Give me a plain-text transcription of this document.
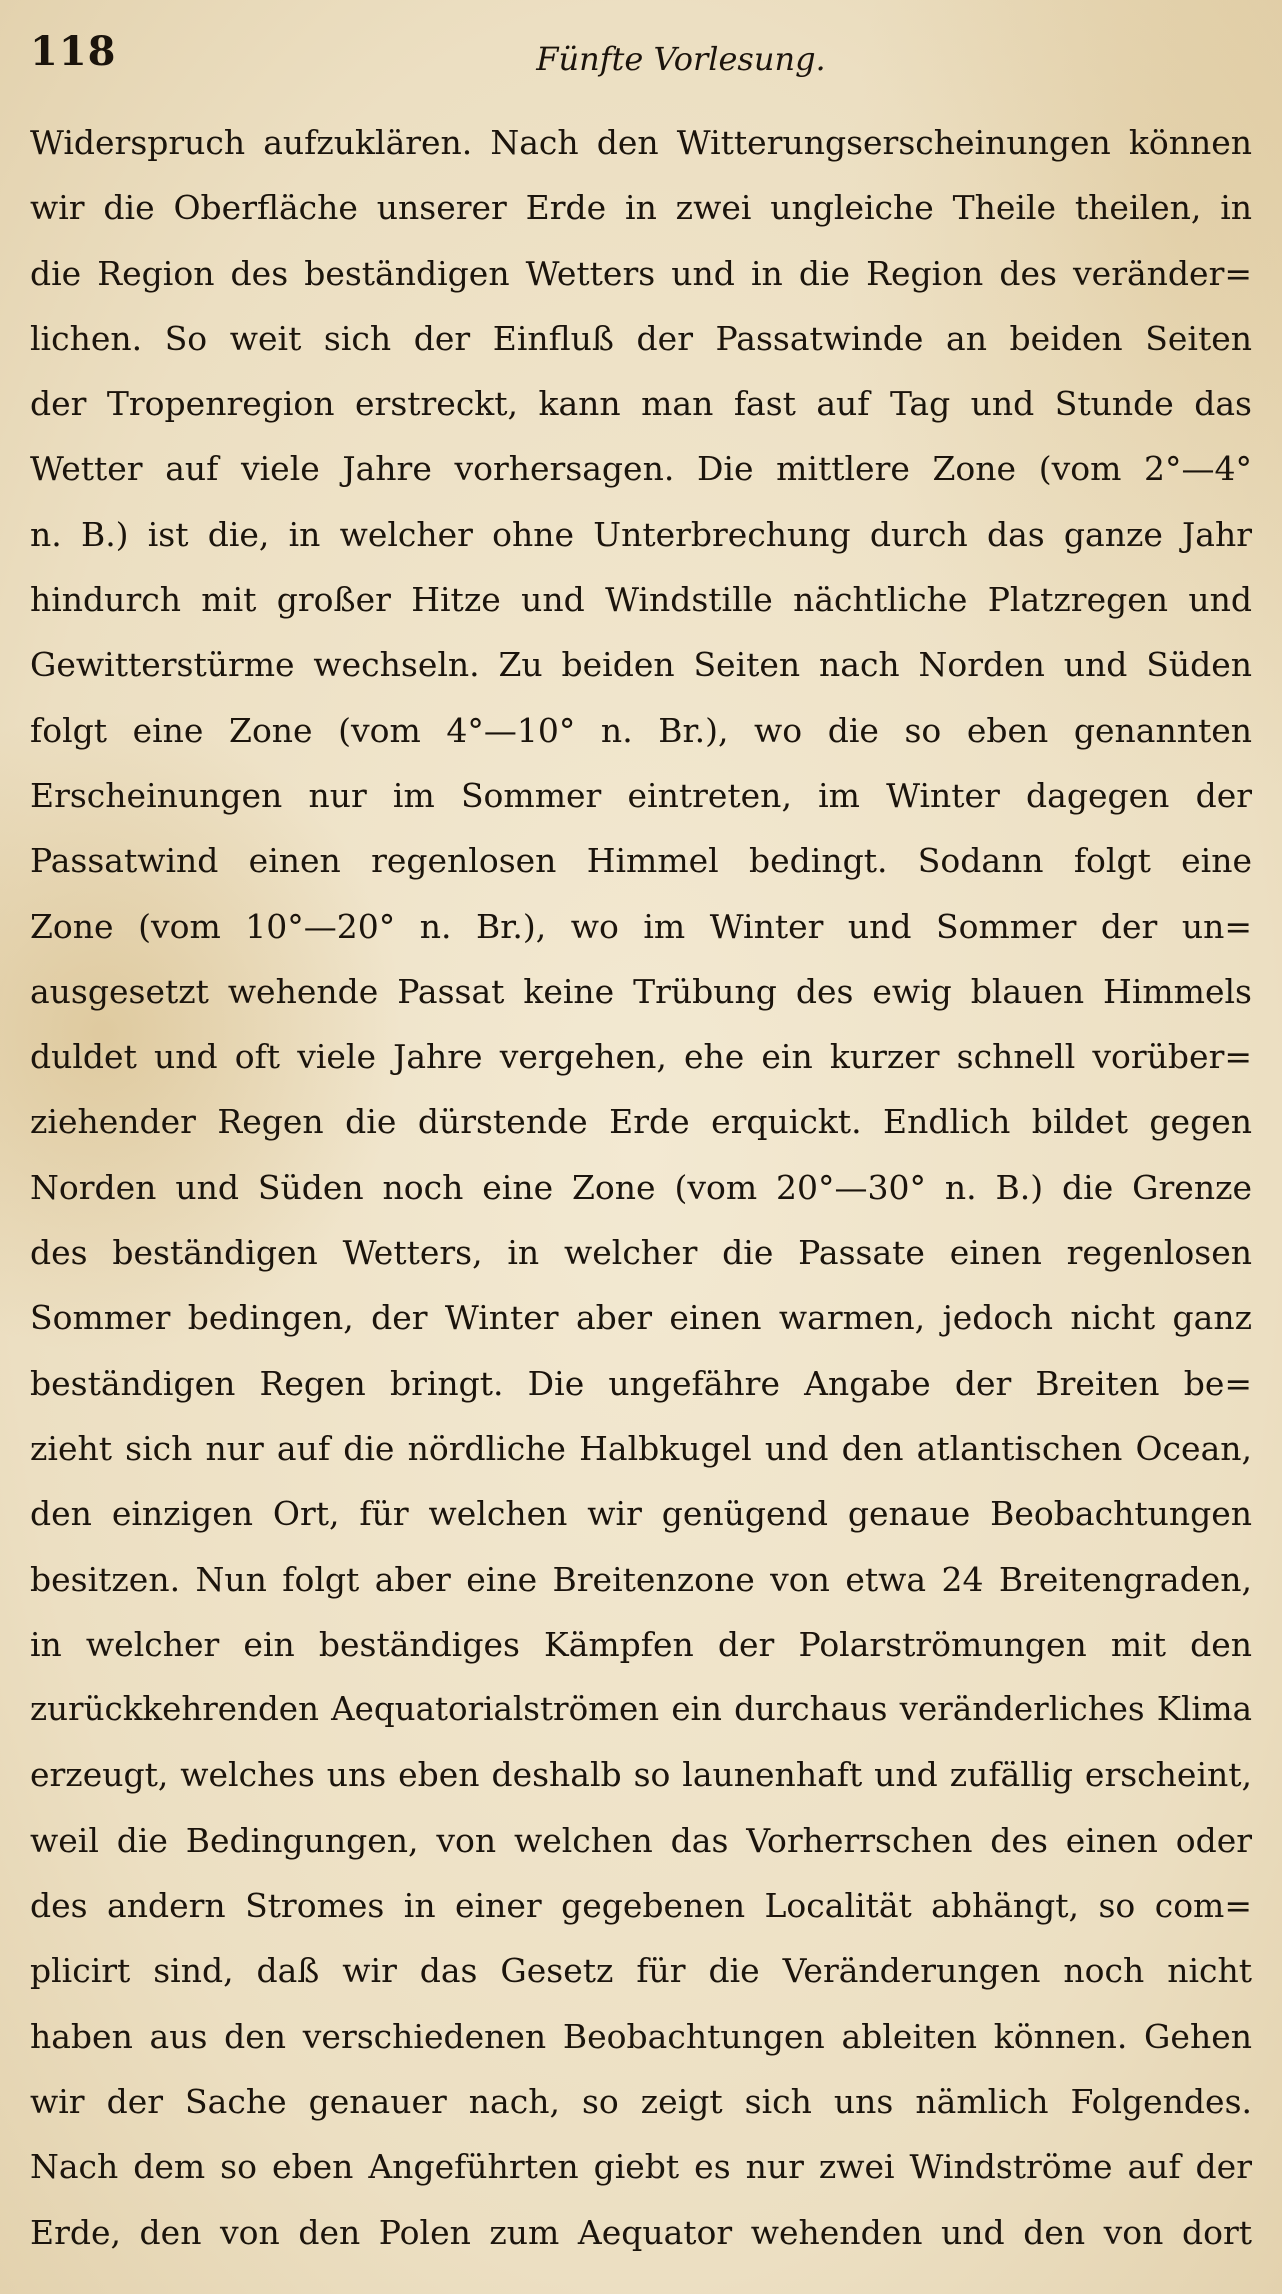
118	Fünfte Vorlesung.
Widerspruch aufzuklären. Nach den Witterungserscheinungen können
wir die Oberfläche unserer Erde in zwei ungleiche Theile theilen, in
die Region des beständigen Wetters und in die Region des veränder=
lichen. So weit sich der Einfluß der Passatwinde an beiden Seiten
der Tropenregion erstreckt, kann man fast auf Tag und Stunde das
Wetter auf viele Jahre vorhersagen. Die mittlere Zone (vom 2°—4°
n. B.) ist die, in welcher ohne Unterbrechung durch das ganze Jahr
hindurch mit großer Hitze und Windstille nächtliche Platzregen und
Gewitterstürme wechseln. Zu beiden Seiten nach Norden und Süden
folgt eine Zone (vom 4°—10° n. Br.), wo die so eben genannten
Erscheinungen nur im Sommer eintreten, im Winter dagegen der
Passatwind einen regenlosen Himmel bedingt. Sodann folgt eine
Zone (vom 10°—20° n. Br.), wo im Winter und Sommer der un=
ausgesetzt wehende Passat keine Trübung des ewig blauen Himmels
duldet und oft viele Jahre vergehen, ehe ein kurzer schnell vorüber=
ziehender Regen die dürstende Erde erquickt. Endlich bildet gegen
Norden und Süden noch eine Zone (vom 20°—30° n. B.) die Grenze
des beständigen Wetters, in welcher die Passate einen regenlosen
Sommer bedingen, der Winter aber einen warmen, jedoch nicht ganz
beständigen Regen bringt. Die ungefähre Angabe der Breiten be=
zieht sich nur auf die nördliche Halbkugel und den atlantischen Ocean,
den einzigen Ort, für welchen wir genügend genaue Beobachtungen
besitzen. Nun folgt aber eine Breitenzone von etwa 24 Breitengraden,
in welcher ein beständiges Kämpfen der Polarströmungen mit den
zurückkehrenden Aequatorialströmen ein durchaus veränderliches Klima
erzeugt, welches uns eben deshalb so launenhaft und zufällig erscheint,
weil die Bedingungen, von welchen das Vorherrschen des einen oder
des andern Stromes in einer gegebenen Localität abhängt, so com=
plicirt sind, daß wir das Gesetz für die Veränderungen noch nicht
haben aus den verschiedenen Beobachtungen ableiten können. Gehen
wir der Sache genauer nach, so zeigt sich uns nämlich Folgendes.
Nach dem so eben Angeführten giebt es nur zwei Windströme auf der
Erde, den von den Polen zum Aequator wehenden und den von dort
